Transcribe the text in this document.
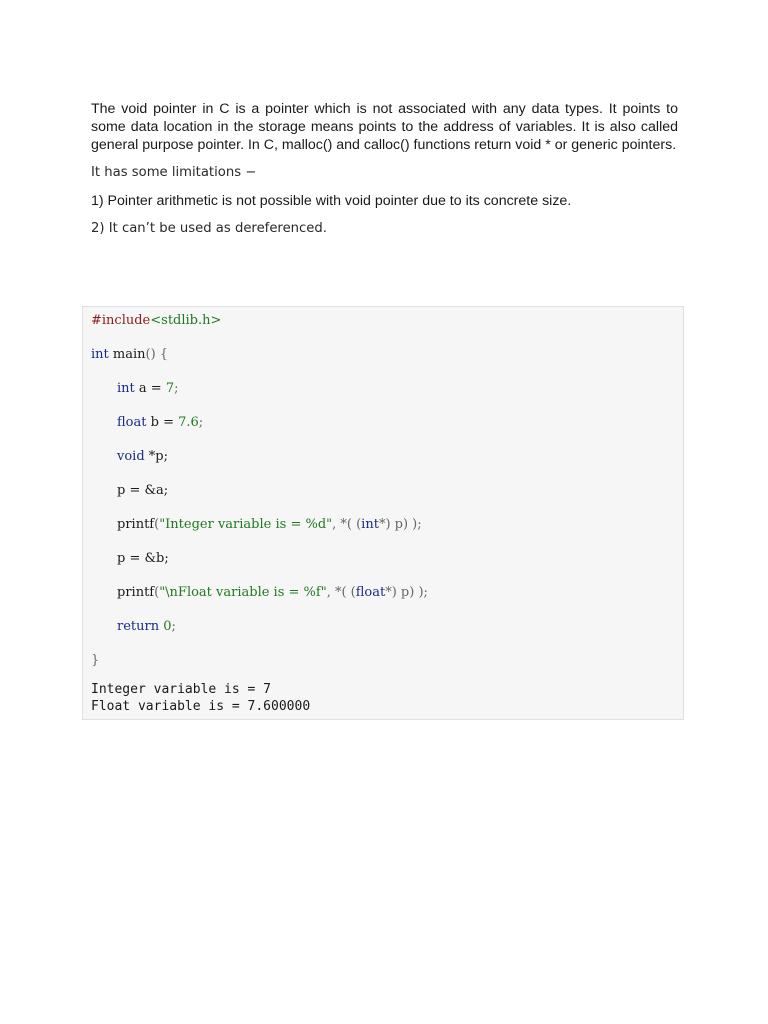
The void pointer in C is a pointer which is not associated with any data types. It points to some data location in the storage means points to the address of variables. It is also called general purpose pointer. In C, malloc() and calloc() functions return void * or generic pointers.

It has some limitations −

1) Pointer arithmetic is not possible with void pointer due to its concrete size.

2) It can’t be used as dereferenced.

#include<stdlib.h>
int main() {
int a = 7;
float b = 7.6;
void *p;
p = &a;
printf("Integer variable is = %d", *( (int*) p) );
p = &b;
printf("\nFloat variable is = %f", *( (float*) p) );
return 0;
}
Integer variable is = 7
Float variable is = 7.600000
